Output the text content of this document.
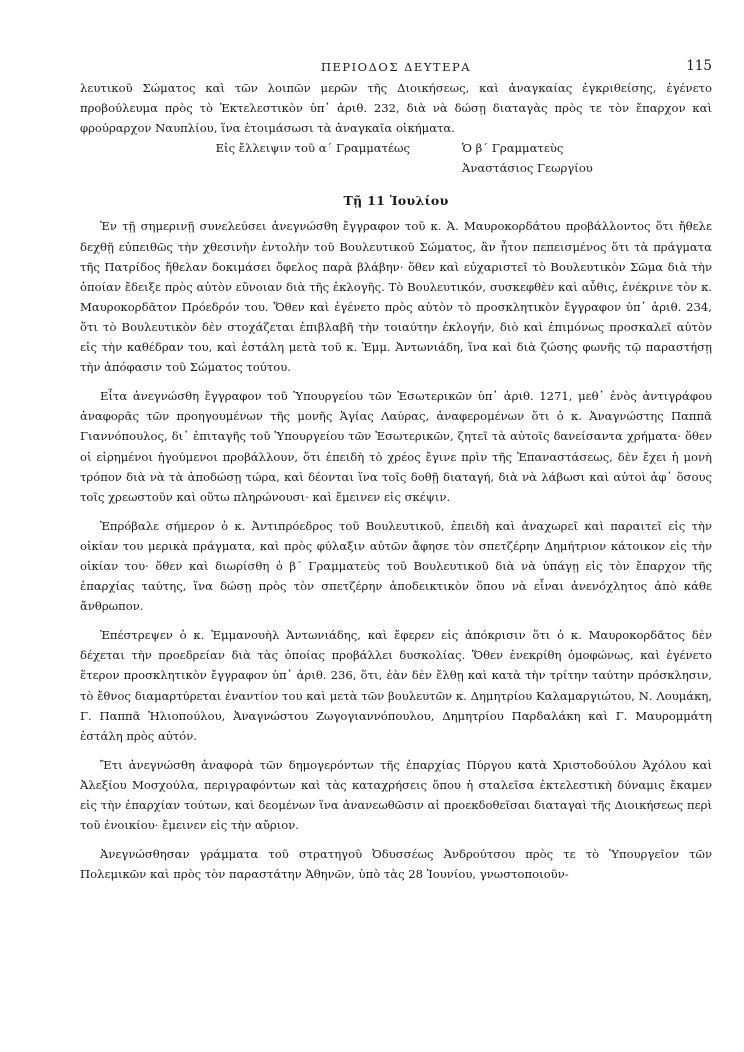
ΠΕΡΙΟΔΟΣ ΔΕΥΤΕΡΑ	115

λευτικοῦ Σώματος καὶ τῶν λοιπῶν μερῶν τῆς Διοικήσεως, καὶ ἀναγκαίας ἐγκριθείσης, ἐγένετο προβούλευμα πρὸς τὸ Ἐκτελεστικὸν ὑπ᾿ ἀριθ. 232, διὰ νὰ δώσῃ διαταγὰς πρὸς τε τὸν ἔπαρχον καὶ φρούραρχον Ναυπλίου, ἵνα ἑτοιμάσωσι τὰ ἀναγκαῖα οἰκήματα.

Εἰς ἔλλειψιν τοῦ α΄ Γραμματέως	Ὁ β΄ Γραμματεὺς
Ἀναστάσιος Γεωργίου
Τῇ 11 Ἰουλίου

Ἐν τῇ σημερινῇ συνελεύσει ἀνεγνώσθη ἔγγραφον τοῦ κ. Ἀ. Μαυροκορδάτου προβάλλοντος ὅτι ἤθελε δεχθῇ εὐπειθῶς τὴν χθεσινὴν ἐντολὴν τοῦ Βουλευτικοῦ Σώματος, ἂν ἦτον πεπεισμένος ὅτι τὰ πράγματα τῆς Πατρίδος ἤθελαν δοκιμάσει ὄφελος παρὰ βλάβην· ὅθεν καὶ εὐχαριστεῖ τὸ Βουλευτικὸν Σῶμα διὰ τὴν ὁποίαν ἔδειξε πρὸς αὐτὸν εὔνοιαν διὰ τῆς ἐκλογῆς. Τὸ Βουλευτικόν, συσκεφθὲν καὶ αὖθις, ἐνέκρινε τὸν κ. Μαυροκορδᾶτον Πρόεδρόν του. Ὅθεν καὶ ἐγένετο πρὸς αὐτὸν τὸ προσκλητικὸν ἔγγραφον ὑπ᾿ ἀριθ. 234, ὅτι τὸ Βουλευτικὸν δὲν στοχάζεται ἐπιβλαβῆ τὴν τοιαύτην ἐκλογήν, διὸ καὶ ἐπιμόνως προσκαλεῖ αὐτὸν εἰς τὴν καθέδραν του, καὶ ἐστάλη μετὰ τοῦ κ. Ἐμμ. Ἀντωνιάδη, ἵνα καὶ διὰ ζώσης φωνῆς τῷ παραστήσῃ τὴν ἀπόφασιν τοῦ Σώματος τούτου.

Εἶτα ἀνεγνώσθη ἔγγραφον τοῦ Ὑπουργείου τῶν Ἐσωτερικῶν ὑπ᾿ ἀριθ. 1271, μεθ᾿ ἑνὸς ἀντιγράφου ἀναφορᾶς τῶν προηγουμένων τῆς μονῆς Ἁγίας Λαύρας, ἀναφερομένων ὅτι ὁ κ. Ἀναγνώστης Παππᾶ Γιαννόπουλος, δι᾿ ἐπιταγῆς τοῦ Ὑπουργείου τῶν Ἐσωτερικῶν, ζητεῖ τὰ αὐτοῖς δανείσαντα χρήματα· ὅθεν οἱ εἰρημένοι ἡγούμενοι προβάλλουν, ὅτι ἐπειδὴ τὸ χρέος ἔγινε πρὶν τῆς Ἐπαναστάσεως, δὲν ἔχει ἡ μονὴ τρόπον διὰ νὰ τὰ ἀποδώσῃ τώρα, καὶ δέονται ἵνα τοῖς δοθῇ διαταγή, διὰ νὰ λάβωσι καὶ αὐτοὶ ἀφ᾿ ὅσους τοῖς χρεωστοῦν καὶ οὕτω πληρώνουσι· καὶ ἔμεινεν εἰς σκέψιν.

Ἐπρόβαλε σήμερον ὁ κ. Ἀντιπρόεδρος τοῦ Βουλευτικοῦ, ἐπειδὴ καὶ ἀναχωρεῖ καὶ παραιτεῖ εἰς τὴν οἰκίαν του μερικὰ πράγματα, καὶ πρὸς φύλαξιν αὐτῶν ἄφησε τὸν σπετζέρην Δημήτριον κάτοικον εἰς τὴν οἰκίαν του· ὅθεν καὶ διωρίσθη ὁ β΄ Γραμματεὺς τοῦ Βουλευτικοῦ διὰ νὰ ὑπάγῃ εἰς τὸν ἔπαρχον τῆς ἐπαρχίας ταύτης, ἵνα δώσῃ πρὸς τὸν σπετζέρην ἀποδεικτικὸν ὅπου νὰ εἶναι ἀνενόχλητος ἀπὸ κάθε ἄνθρωπον.

Ἐπέστρεψεν ὁ κ. Ἐμμανουὴλ Ἀντωνιάδης, καὶ ἔφερεν εἰς ἀπόκρισιν ὅτι ὁ κ. Μαυροκορδᾶτος δὲν δέχεται τὴν προεδρείαν διὰ τὰς ὁποίας προβάλλει δυσκολίας. Ὅθεν ἐνεκρίθη ὁμοφώνως, καὶ ἐγένετο ἕτερον προσκλητικὸν ἔγγραφον ὑπ᾿ ἀριθ. 236, ὅτι, ἐὰν δὲν ἔλθῃ καὶ κατὰ τὴν τρίτην ταύτην πρόσκλησιν, τὸ ἔθνος διαμαρτύρεται ἐναντίον του καὶ μετὰ τῶν βουλευτῶν κ. Δημητρίου Καλαμαργιώτου, Ν. Λουμάκη, Γ. Παππᾶ Ἡλιοπούλου, Ἀναγνώστου Ζωγογιαννόπουλου, Δημητρίου Παρδαλάκη καὶ Γ. Μαυρομμάτη ἐστάλη πρὸς αὐτόν.

Ἔτι ἀνεγνώσθη ἀναφορὰ τῶν δημογερόντων τῆς ἐπαρχίας Πύργου κατὰ Χριστοδούλου Ἀχόλου καὶ Ἀλεξίου Μοσχούλα, περιγραφόντων καὶ τὰς καταχρήσεις ὅπου ἡ σταλεῖσα ἐκτελεστικὴ δύναμις ἔκαμεν εἰς τὴν ἐπαρχίαν τούτων, καὶ δεομένων ἵνα ἀνανεωθῶσιν αἱ προεκδοθεῖσαι διαταγαὶ τῆς Διοικήσεως περὶ τοῦ ἐνοικίου· ἔμεινεν εἰς τὴν αὔριον.

Ἀνεγνώσθησαν γράμματα τοῦ στρατηγοῦ Ὀδυσσέως Ἀνδρούτσου πρὸς τε τὸ Ὑπουργεῖον τῶν Πολεμικῶν καὶ πρὸς τὸν παραστάτην Ἀθηνῶν, ὑπὸ τὰς 28 Ἰουνίου, γνωστοποιοῦν-
